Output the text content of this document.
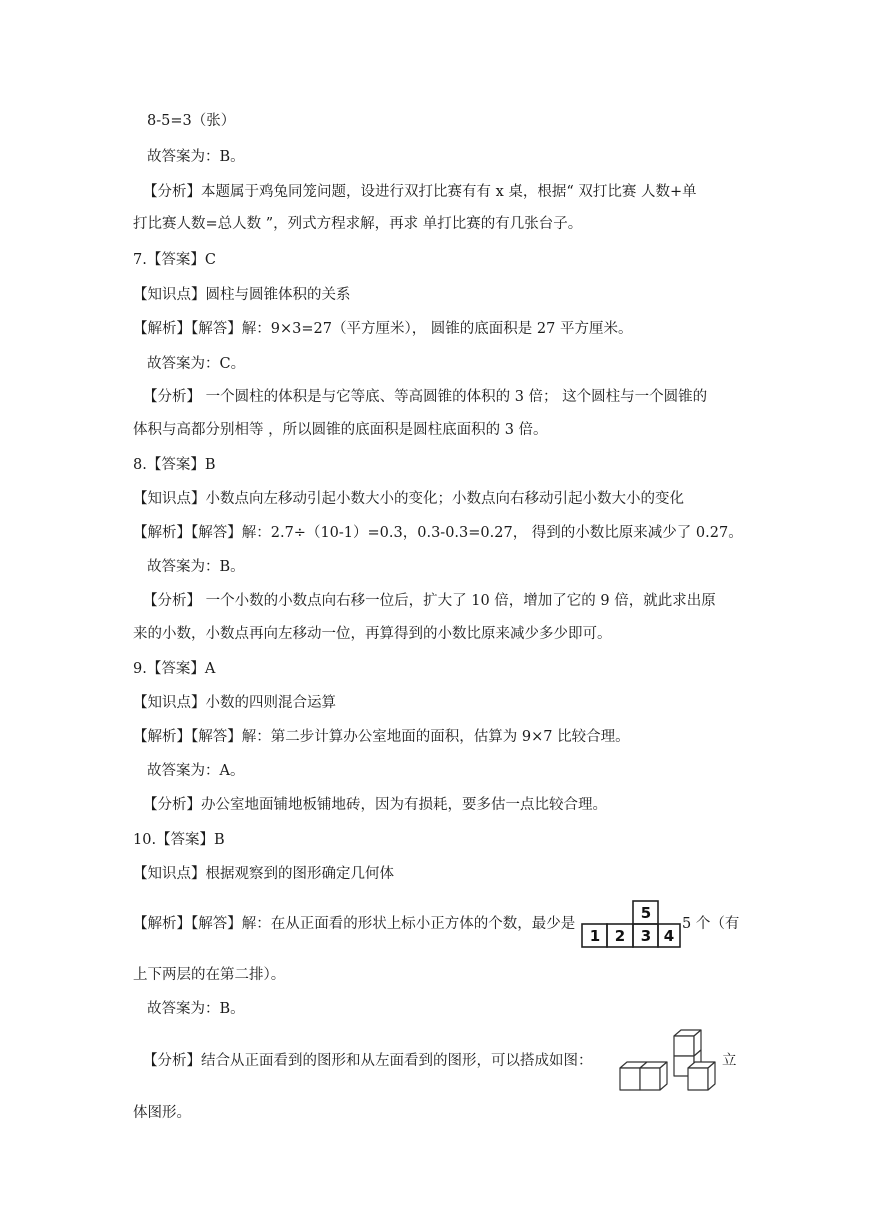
8-5=3（张）
故答案为：B。
【分析】本题属于鸡兔同笼问题，设进行双打比赛有有 x 桌，根据“ 双打比赛 人数+单
打比赛人数=总人数 ”，列式方程求解，再求 单打比赛的有几张台子。
7.【答案】C
【知识点】圆柱与圆锥体积的关系
【解析】【解答】解：9×3=27（平方厘米）， 圆锥的底面积是 27 平方厘米。
故答案为：C。
【分析】 一个圆柱的体积是与它等底、等高圆锥的体积的 3 倍； 这个圆柱与一个圆锥的
体积与高都分别相等 ，所以圆锥的底面积是圆柱底面积的 3 倍。
8.【答案】B
【知识点】小数点向左移动引起小数大小的变化；小数点向右移动引起小数大小的变化
【解析】【解答】解：2.7÷（10-1）=0.3，0.3-0.3=0.27， 得到的小数比原来减少了 0.27。
故答案为：B。
【分析】 一个小数的小数点向右移一位后，扩大了 10 倍，增加了它的 9 倍，就此求出原
来的小数，小数点再向左移动一位，再算得到的小数比原来减少多少即可。
9.【答案】A
【知识点】小数的四则混合运算
【解析】【解答】解：第二步计算办公室地面的面积，估算为 9×7 比较合理。
故答案为：A。
【分析】办公室地面铺地板铺地砖，因为有损耗，要多估一点比较合理。
10.【答案】B
【知识点】根据观察到的图形确定几何体
【解析】【解答】解：在从正面看的形状上标小正方体的个数，最少是	5 个（有
上下两层的在第二排）。
故答案为：B。
【分析】结合从正面看到的图形和从左面看到的图形，可以搭成如图：	立
体图形。
5
1 2 3 4
